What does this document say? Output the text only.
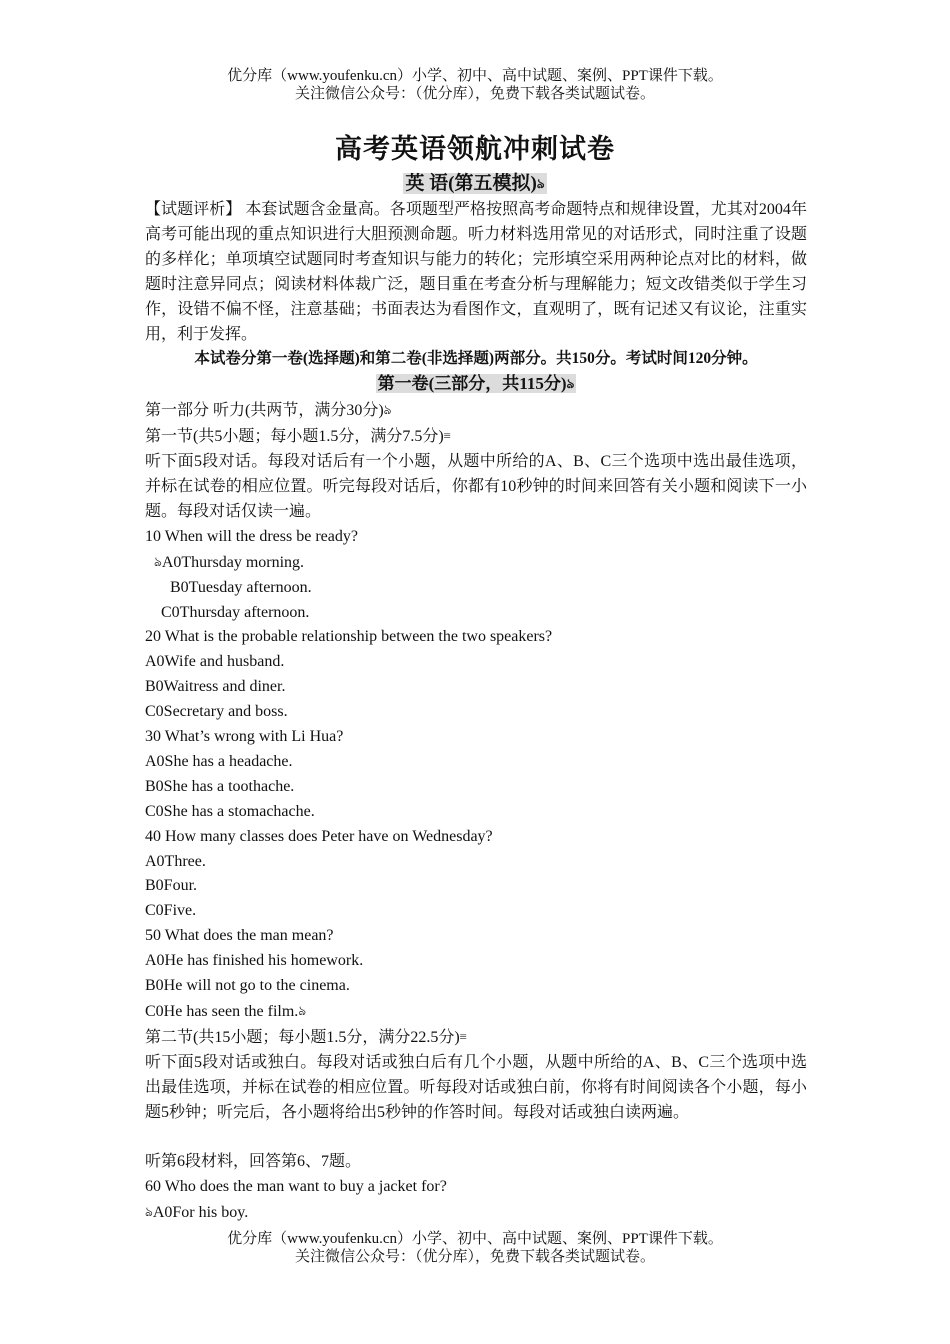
优分库（www.youfenku.cn）小学、初中、高中试题、案例、PPT课件下载。
关注微信公众号：（优分库），免费下载各类试题试卷。
高考英语领航冲刺试卷
英 语(第五模拟)ঌ
【试题评析】 本套试题含金量高。各项题型严格按照高考命题特点和规律设置，尤其对2004年高考可能出现的重点知识进行大胆预测命题。听力材料选用常见的对话形式，同时注重了设题的多样化；单项填空试题同时考查知识与能力的转化；完形填空采用两种论点对比的材料，做题时注意异同点；阅读材料体裁广泛，题目重在考查分析与理解能力；短文改错类似于学生习作，设错不偏不怪，注意基础；书面表达为看图作文，直观明了，既有记述又有议论，注重实用，利于发挥。
本试卷分第一卷(选择题)和第二卷(非选择题)两部分。共150分。考试时间120分钟。
第一卷(三部分，共115分)ঌ
第一部分 听力(共两节，满分30分)ঌ
第一节(共5小题；每小题1.5分，满分7.5分)≡
听下面5段对话。每段对话后有一个小题，从题中所给的A、B、C三个选项中选出最佳选项，并标在试卷的相应位置。听完每段对话后，你都有10秒钟的时间来回答有关小题和阅读下一小题。每段对话仅读一遍。
10 When will the dress be ready?
ঌA0Thursday morning.
B0Tuesday afternoon.
C0Thursday afternoon.
20 What is the probable relationship between the two speakers?
A0Wife and husband.
B0Waitress and diner.
C0Secretary and boss.
30 What’s wrong with Li Hua?
A0She has a headache.
B0She has a toothache.
C0She has a stomachache.
40 How many classes does Peter have on Wednesday?
A0Three.
B0Four.
C0Five.
50 What does the man mean?
A0He has finished his homework.
B0He will not go to the cinema.
C0He has seen the film.ঌ
第二节(共15小题；每小题1.5分，满分22.5分)≡
听下面5段对话或独白。每段对话或独白后有几个小题，从题中所给的A、B、C三个选项中选出最佳选项，并标在试卷的相应位置。听每段对话或独白前，你将有时间阅读各个小题，每小题5秒钟；听完后，各小题将给出5秒钟的作答时间。每段对话或独白读两遍。
听第6段材料，回答第6、7题。
60 Who does the man want to buy a jacket for?
ঌA0For his boy.
优分库（www.youfenku.cn）小学、初中、高中试题、案例、PPT课件下载。
关注微信公众号：（优分库），免费下载各类试题试卷。
